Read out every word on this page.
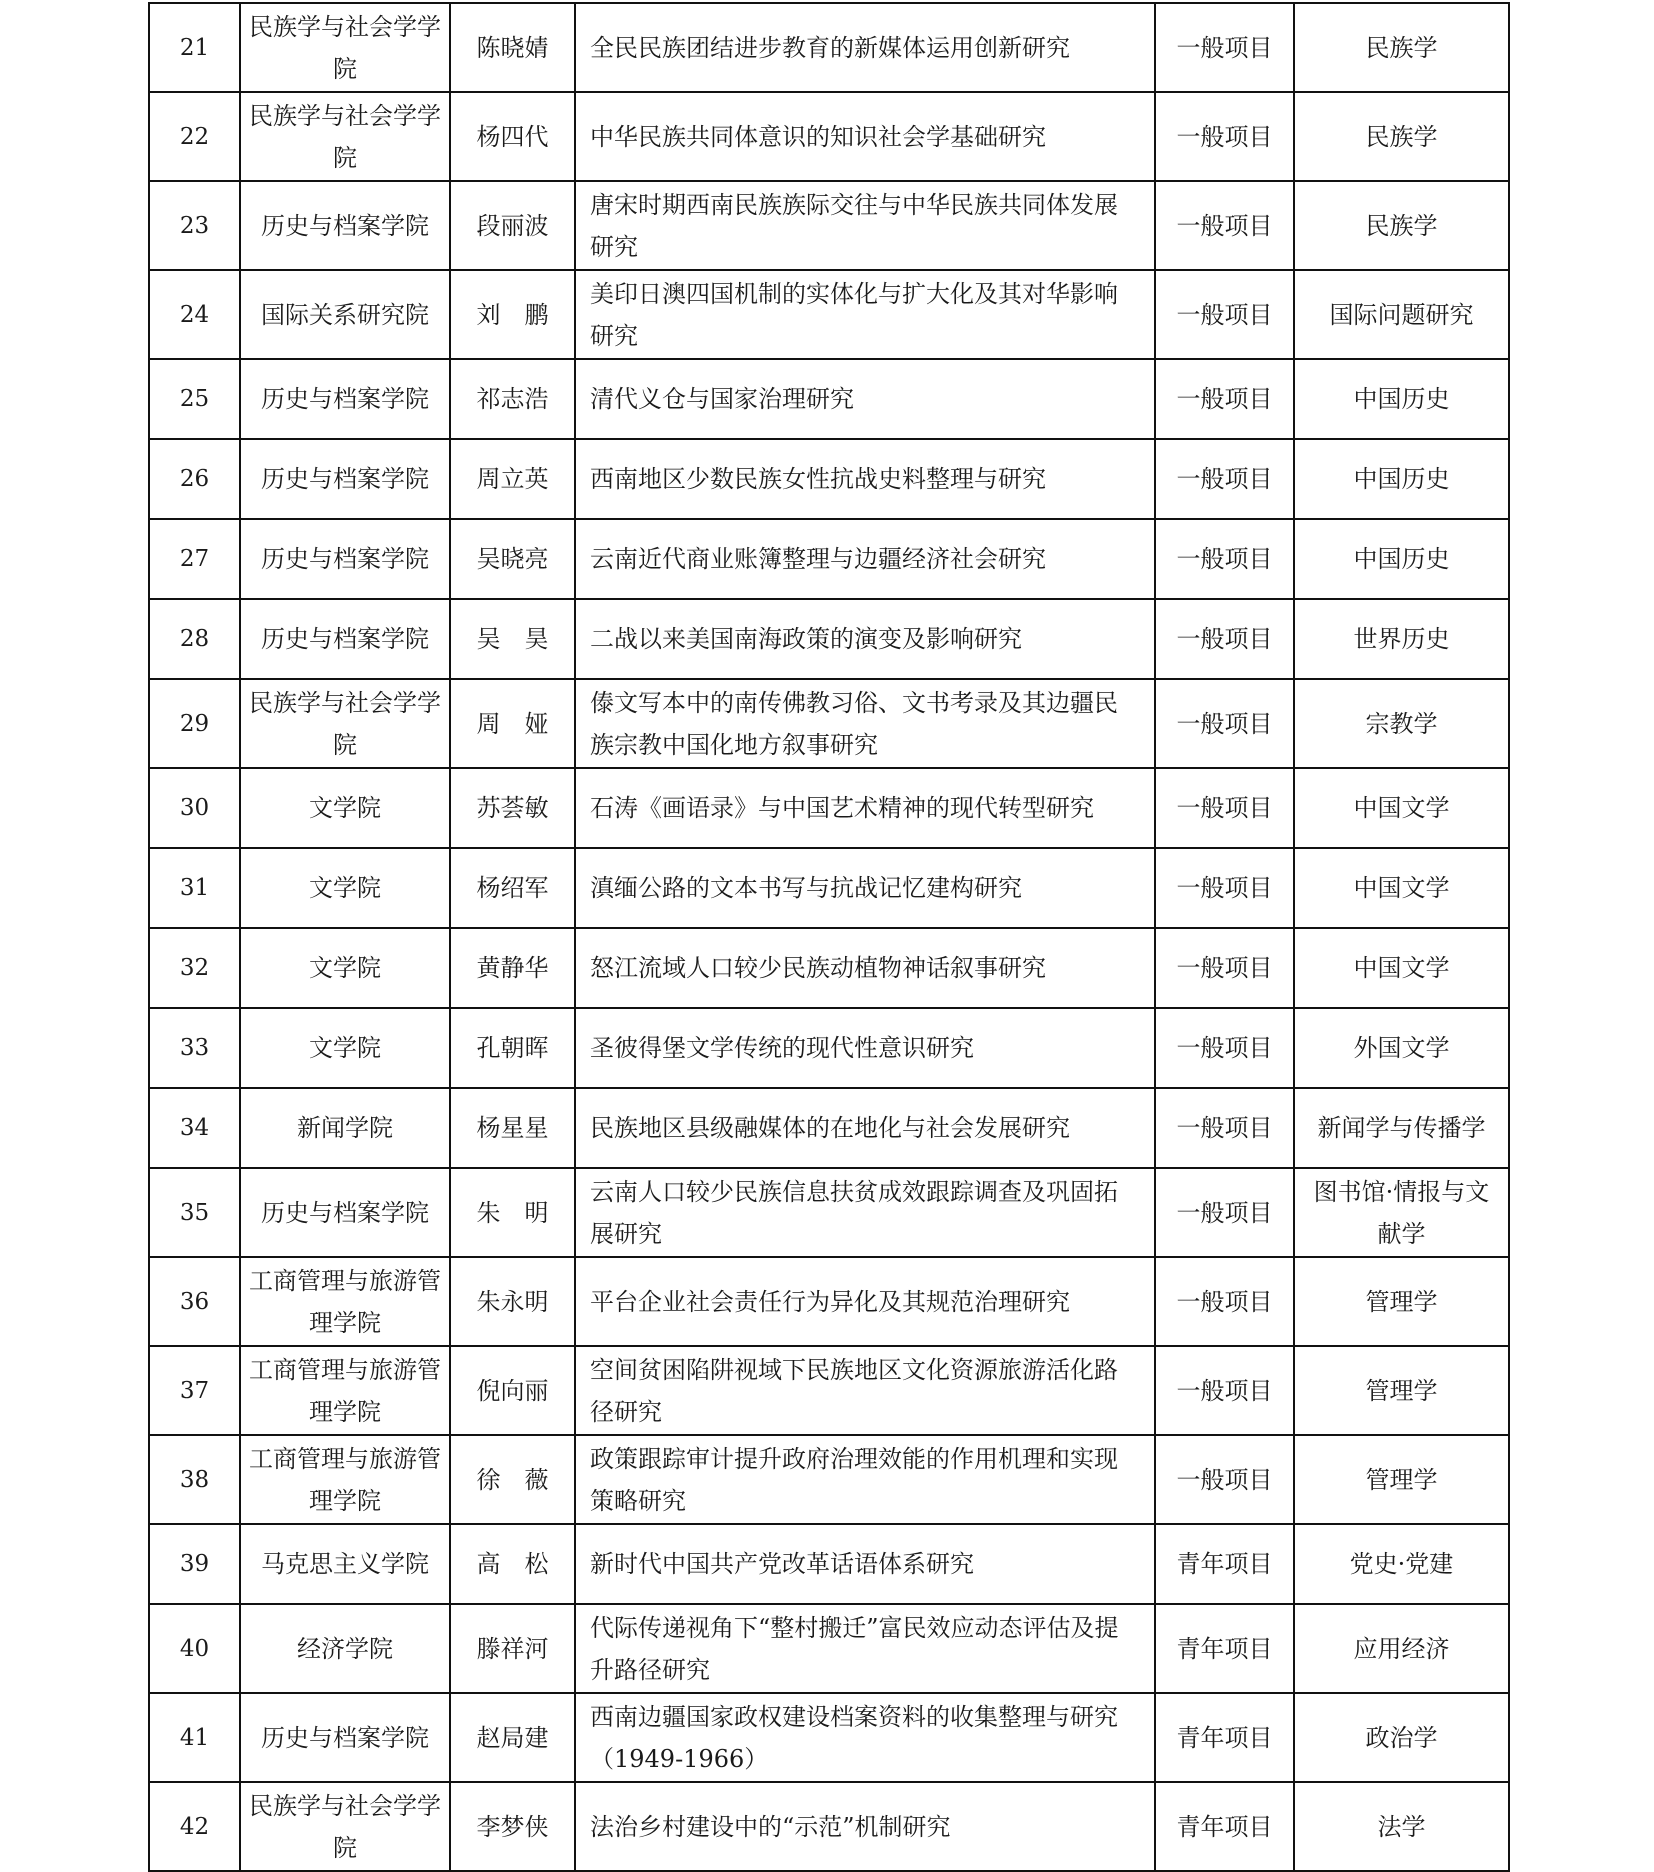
21	民族学与社会学学院	陈晓婧	全民民族团结进步教育的新媒体运用创新研究	一般项目	民族学
22	民族学与社会学学院	杨四代	中华民族共同体意识的知识社会学基础研究	一般项目	民族学
23	历史与档案学院	段丽波	唐宋时期西南民族族际交往与中华民族共同体发展研究	一般项目	民族学
24	国际关系研究院	刘　鹏	美印日澳四国机制的实体化与扩大化及其对华影响研究	一般项目	国际问题研究
25	历史与档案学院	祁志浩	清代义仓与国家治理研究	一般项目	中国历史
26	历史与档案学院	周立英	西南地区少数民族女性抗战史料整理与研究	一般项目	中国历史
27	历史与档案学院	吴晓亮	云南近代商业账簿整理与边疆经济社会研究	一般项目	中国历史
28	历史与档案学院	吴　昊	二战以来美国南海政策的演变及影响研究	一般项目	世界历史
29	民族学与社会学学院	周　娅	傣文写本中的南传佛教习俗、文书考录及其边疆民族宗教中国化地方叙事研究	一般项目	宗教学
30	文学院	苏荟敏	石涛《画语录》与中国艺术精神的现代转型研究	一般项目	中国文学
31	文学院	杨绍军	滇缅公路的文本书写与抗战记忆建构研究	一般项目	中国文学
32	文学院	黄静华	怒江流域人口较少民族动植物神话叙事研究	一般项目	中国文学
33	文学院	孔朝晖	圣彼得堡文学传统的现代性意识研究	一般项目	外国文学
34	新闻学院	杨星星	民族地区县级融媒体的在地化与社会发展研究	一般项目	新闻学与传播学
35	历史与档案学院	朱　明	云南人口较少民族信息扶贫成效跟踪调查及巩固拓展研究	一般项目	图书馆·情报与文献学
36	工商管理与旅游管理学院	朱永明	平台企业社会责任行为异化及其规范治理研究	一般项目	管理学
37	工商管理与旅游管理学院	倪向丽	空间贫困陷阱视域下民族地区文化资源旅游活化路径研究	一般项目	管理学
38	工商管理与旅游管理学院	徐　薇	政策跟踪审计提升政府治理效能的作用机理和实现策略研究	一般项目	管理学
39	马克思主义学院	高　松	新时代中国共产党改革话语体系研究	青年项目	党史·党建
40	经济学院	滕祥河	代际传递视角下“整村搬迁”富民效应动态评估及提升路径研究	青年项目	应用经济
41	历史与档案学院	赵局建	西南边疆国家政权建设档案资料的收集整理与研究（1949-1966）	青年项目	政治学
42	民族学与社会学学院	李梦侠	法治乡村建设中的“示范”机制研究	青年项目	法学
